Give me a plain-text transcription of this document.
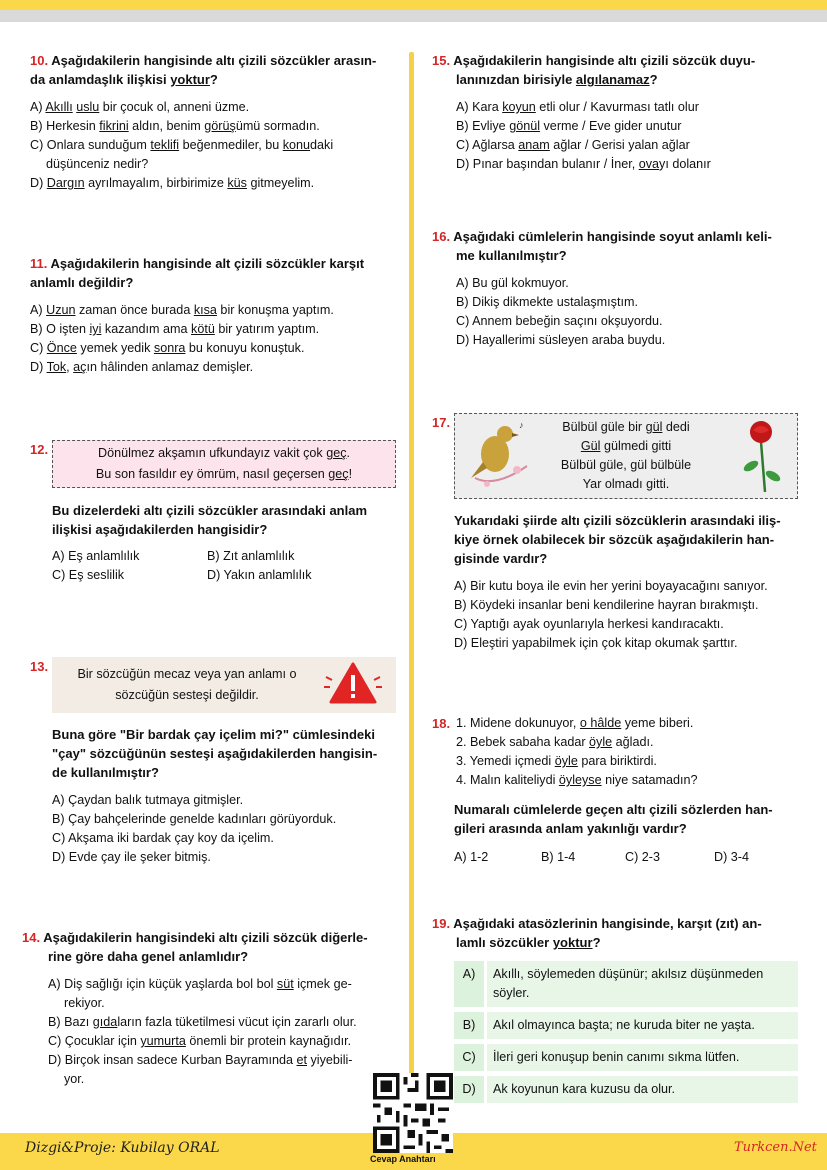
10. Aşağıdakilerin hangisinde altı çizili sözcükler arasın-
da anlamdaşlık ilişkisi yoktur?
A) Akıllı uslu bir çocuk ol, anneni üzme.
B) Herkesin fikrini aldın, benim görüşümü sormadın.
C) Onlara sunduğum teklifi beğenmediler, bu konudaki
düşünceniz nedir?
D) Dargın ayrılmayalım, birbirimize küs gitmeyelim.
11. Aşağıdakilerin hangisinde alt çizili sözcükler karşıt
anlamlı değildir?
A) Uzun zaman önce burada kısa bir konuşma yaptım.
B) O işten iyi kazandım ama kötü bir yatırım yaptım.
C) Önce yemek yedik sonra bu konuyu konuştuk.
D) Tok, açın hâlinden anlamaz demişler.
12.	Dönülmez akşamın ufkundayız vakit çok geç.
Bu son fasıldır ey ömrüm, nasıl geçersen geç!
Bu dizelerdeki altı çizili sözcükler arasındaki anlam
ilişkisi aşağıdakilerden hangisidir?
A) Eş anlamlılık	B) Zıt anlamlılık
C) Eş seslilik	D) Yakın anlamlılık
13.	Bir sözcüğün mecaz veya yan anlamı o
sözcüğün sesteşi değildir.
Buna göre "Bir bardak çay içelim mi?" cümlesindeki
"çay" sözcüğünün sesteşi aşağıdakilerden hangisin-
de kullanılmıştır?
A) Çaydan balık tutmaya gitmişler.
B) Çay bahçelerinde genelde kadınları görüyorduk.
C) Akşama iki bardak çay koy da içelim.
D) Evde çay ile şeker bitmiş.
14. Aşağıdakilerin hangisindeki altı çizili sözcük diğerle-
rine göre daha genel anlamlıdır?
A) Diş sağlığı için küçük yaşlarda bol bol süt içmek ge-
rekiyor.
B) Bazı gıdaların fazla tüketilmesi vücut için zararlı olur.
C) Çocuklar için yumurta önemli bir protein kaynağıdır.
D) Birçok insan sadece Kurban Bayramında et yiyebili-
yor.
15. Aşağıdakilerin hangisinde altı çizili sözcük duyu-
lanınızdan birisiyle algılanamaz?
A) Kara koyun etli olur / Kavurması tatlı olur
B) Evliye gönül verme / Eve gider unutur
C) Ağlarsa anam ağlar / Gerisi yalan ağlar
D) Pınar başından bulanır / İner, ovayı dolanır
16. Aşağıdaki cümlelerin hangisinde soyut anlamlı keli-
me kullanılmıştır?
A) Bu gül kokmuyor.
B) Dikiş dikmekte ustalaşmıştım.
C) Annem bebeğin saçını okşuyordu.
D) Hayallerimi süsleyen araba buydu.
17.	♪	Bülbül güle bir gül dedi
Gül gülmedi gitti
Bülbül güle, gül bülbüle
Yar olmadı gitti.
Yukarıdaki şiirde altı çizili sözcüklerin arasındaki iliş-
kiye örnek olabilecek bir sözcük aşağıdakilerin han-
gisinde vardır?
A) Bir kutu boya ile evin her yerini boyayacağını sanıyor.
B) Köydeki insanlar beni kendilerine hayran bırakmıştı.
C) Yaptığı ayak oyunlarıyla herkesi kandıracaktı.
D) Eleştiri yapabilmek için çok kitap okumak şarttır.
18. 1. Midene dokunuyor, o hâlde yeme biberi.
2. Bebek sabaha kadar öyle ağladı.
3. Yemedi içmedi öyle para biriktirdi.
4. Malın kaliteliydi öyleyse niye satamadın?
Numaralı cümlelerde geçen altı çizili sözlerden han-
gileri arasında anlam yakınlığı vardır?
A) 1-2	B) 1-4	C) 2-3	D) 3-4
19. Aşağıdaki atasözlerinin hangisinde, karşıt (zıt) an-
lamlı sözcükler yoktur?
A)	Akıllı, söylemeden düşünür; akılsız düşünmeden söyler.
B)	Akıl olmayınca başta; ne kuruda biter ne yaşta.
C)	İleri geri konuşup benin canımı sıkma lütfen.
D)	Ak koyunun kara kuzusu da olur.
Dizgi&Proje: Kubilay ORAL	Turkcen.Net
Cevap Anahtarı
